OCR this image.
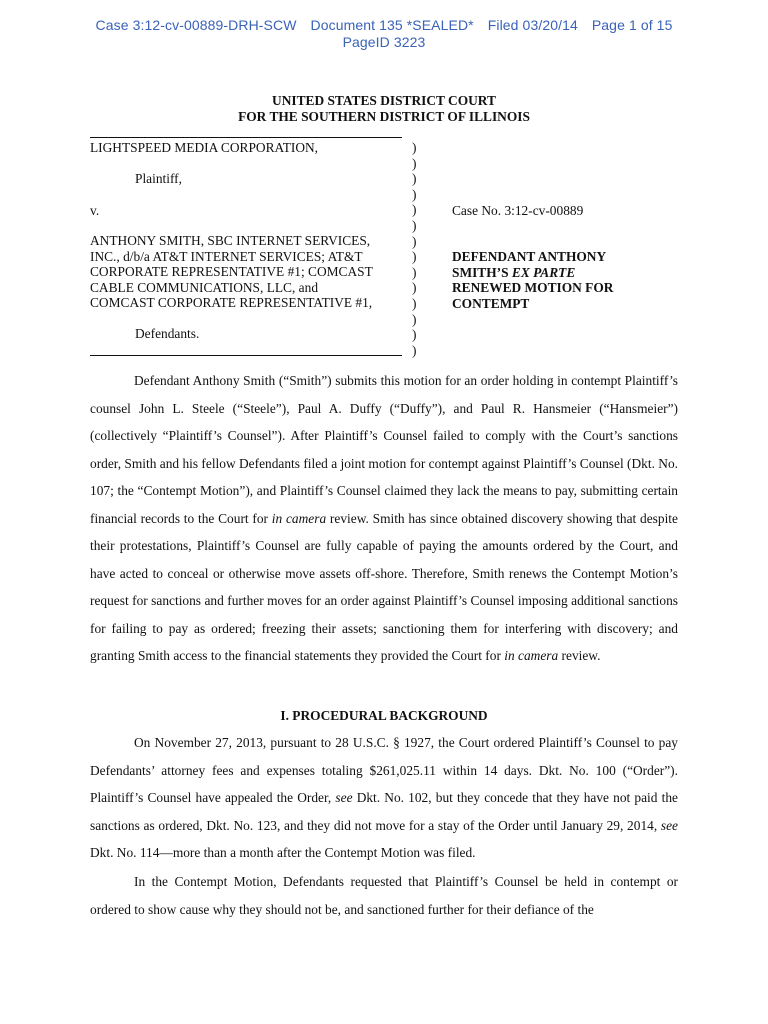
Case 3:12-cv-00889-DRH-SCW Document 135 *SEALED* Filed 03/20/14 Page 1 of 15
PageID 3223
UNITED STATES DISTRICT COURT
FOR THE SOUTHERN DISTRICT OF ILLINOIS
LIGHTSPEED MEDIA CORPORATION,
Plaintiff,
v.
ANTHONY SMITH, SBC INTERNET SERVICES,
INC., d/b/a AT&T INTERNET SERVICES; AT&T
CORPORATE REPRESENTATIVE #1; COMCAST
CABLE COMMUNICATIONS, LLC, and
COMCAST CORPORATE REPRESENTATIVE #1,
Defendants.
)
)
)
)
)
)
)
)
)
)
)
)
)
)
Case No. 3:12-cv-00889
DEFENDANT ANTHONY
SMITH’S EX PARTE
RENEWED MOTION FOR
CONTEMPT

Defendant Anthony Smith (“Smith”) submits this motion for an order holding in contempt Plaintiff’s counsel John L. Steele (“Steele”), Paul A. Duffy (“Duffy”), and Paul R. Hansmeier (“Hansmeier”) (collectively “Plaintiff’s Counsel”). After Plaintiff’s Counsel failed to comply with the Court’s sanctions order, Smith and his fellow Defendants filed a joint motion for contempt against Plaintiff’s Counsel (Dkt. No. 107; the “Contempt Motion”), and Plaintiff’s Counsel claimed they lack the means to pay, submitting certain financial records to the Court for in camera review. Smith has since obtained discovery showing that despite their protestations, Plaintiff’s Counsel are fully capable of paying the amounts ordered by the Court, and have acted to conceal or otherwise move assets off-shore. Therefore, Smith renews the Contempt Motion’s request for sanctions and further moves for an order against Plaintiff’s Counsel imposing additional sanctions for failing to pay as ordered; freezing their assets; sanctioning them for interfering with discovery; and granting Smith access to the financial statements they provided the Court for in camera review.

I. PROCEDURAL BACKGROUND

On November 27, 2013, pursuant to 28 U.S.C. § 1927, the Court ordered Plaintiff’s Counsel to pay Defendants’ attorney fees and expenses totaling $261,025.11 within 14 days. Dkt. No. 100 (“Order”). Plaintiff’s Counsel have appealed the Order, see Dkt. No. 102, but they concede that they have not paid the sanctions as ordered, Dkt. No. 123, and they did not move for a stay of the Order until January 29, 2014, see Dkt. No. 114—more than a month after the Contempt Motion was filed.

In the Contempt Motion, Defendants requested that Plaintiff’s Counsel be held in contempt or ordered to show cause why they should not be, and sanctioned further for their defiance of the
